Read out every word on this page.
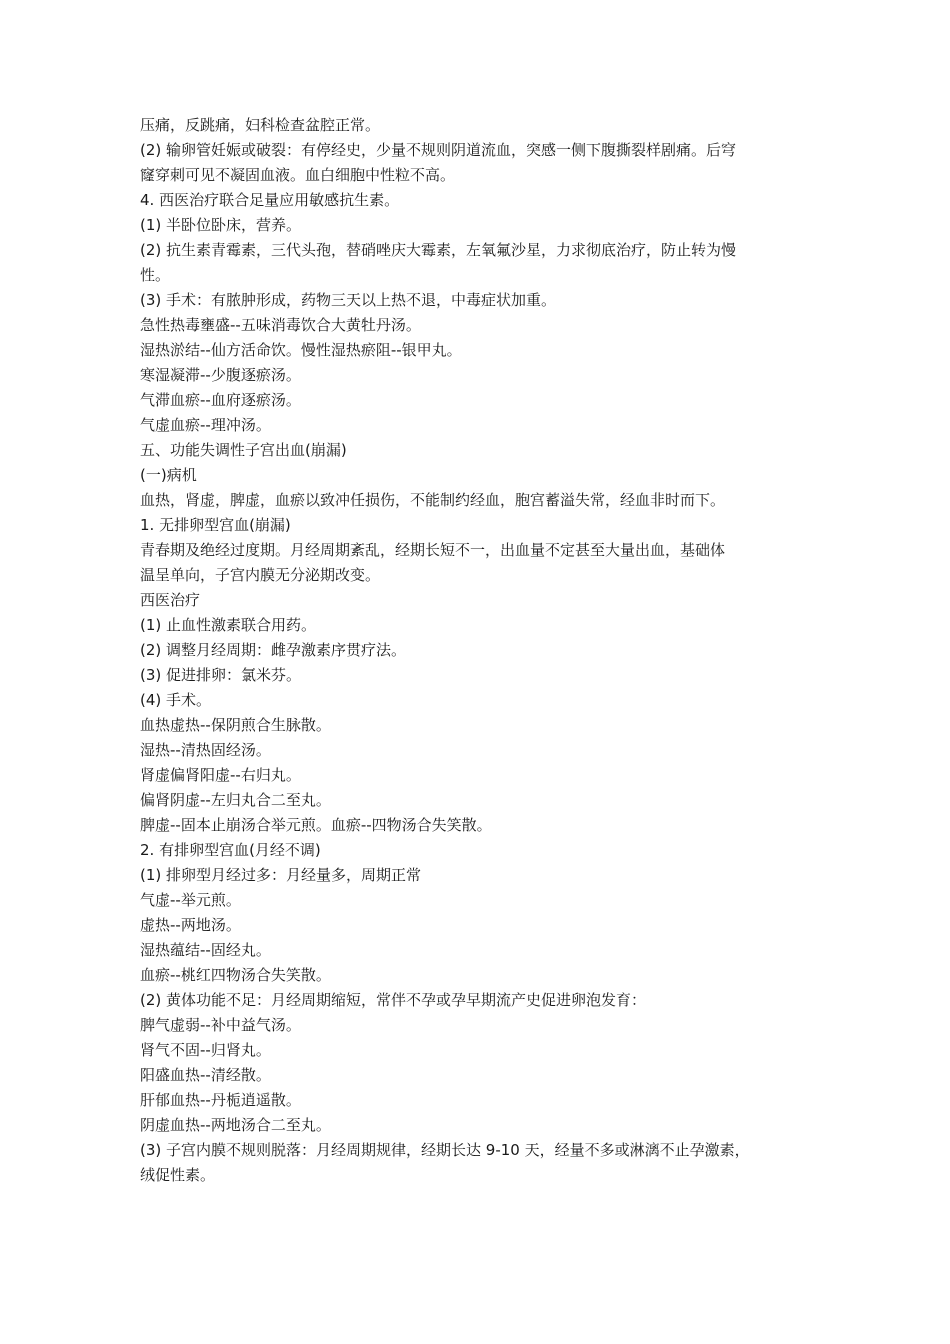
压痛，反跳痛，妇科检查盆腔正常。

(2) 输卵管妊娠或破裂：有停经史，少量不规则阴道流血，突感一侧下腹撕裂样剧痛。后穹

窿穿刺可见不凝固血液。血白细胞中性粒不高。

4. 西医治疗联合足量应用敏感抗生素。

(1) 半卧位卧床，营养。

(2) 抗生素青霉素，三代头孢，替硝唑庆大霉素，左氧氟沙星，力求彻底治疗，防止转为慢

性。

(3) 手术：有脓肿形成，药物三天以上热不退，中毒症状加重。

急性热毒壅盛--五味消毒饮合大黄牡丹汤。

湿热淤结--仙方活命饮。慢性湿热瘀阻--银甲丸。

寒湿凝滞--少腹逐瘀汤。

气滞血瘀--血府逐瘀汤。

气虚血瘀--理冲汤。

五、功能失调性子宫出血(崩漏)

(一)病机

血热，肾虚，脾虚，血瘀以致冲任损伤，不能制约经血，胞宫蓄溢失常，经血非时而下。

1. 无排卵型宫血(崩漏)

青春期及绝经过度期。月经周期紊乱，经期长短不一，出血量不定甚至大量出血，基础体

温呈单向，子宫内膜无分泌期改变。

西医治疗

(1) 止血性激素联合用药。

(2) 调整月经周期：雌孕激素序贯疗法。

(3) 促进排卵：氯米芬。

(4) 手术。

血热虚热--保阴煎合生脉散。

湿热--清热固经汤。

肾虚偏肾阳虚--右归丸。

偏肾阴虚--左归丸合二至丸。

脾虚--固本止崩汤合举元煎。血瘀--四物汤合失笑散。

2. 有排卵型宫血(月经不调)

(1) 排卵型月经过多：月经量多，周期正常

气虚--举元煎。

虚热--两地汤。

湿热蕴结--固经丸。

血瘀--桃红四物汤合失笑散。

(2) 黄体功能不足：月经周期缩短，常伴不孕或孕早期流产史促进卵泡发育：

脾气虚弱--补中益气汤。

肾气不固--归肾丸。

阳盛血热--清经散。

肝郁血热--丹栀逍遥散。

阴虚血热--两地汤合二至丸。

(3) 子宫内膜不规则脱落：月经周期规律，经期长达 9-10 天，经量不多或淋漓不止孕激素，

绒促性素。
